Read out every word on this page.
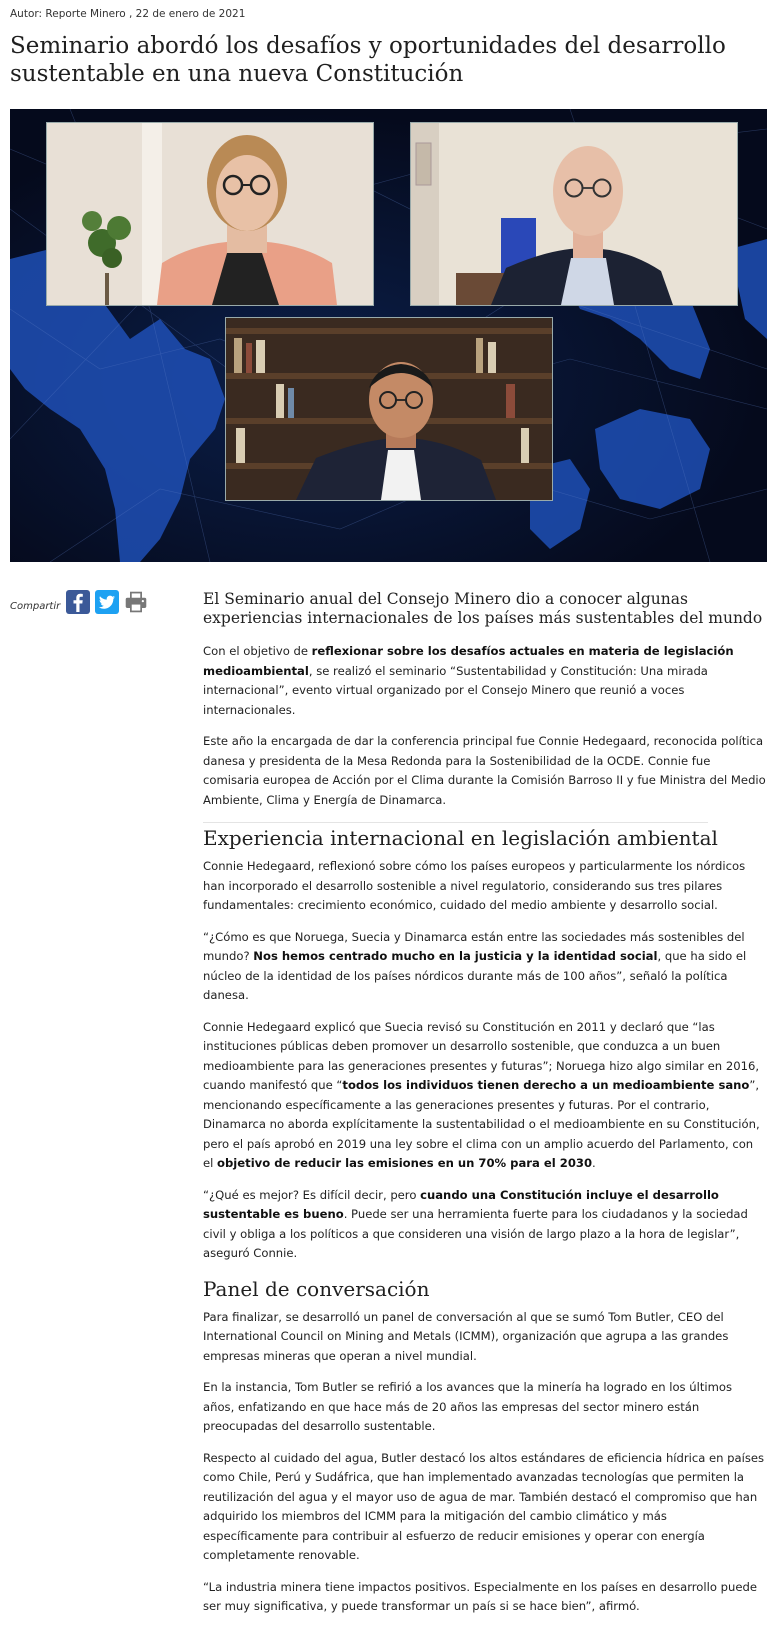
Autor: Reporte Minero , 22 de enero de 2021
Seminario abordó los desafíos y oportunidades del desarrollo sustentable en una nueva Constitución
Compartir	El Seminario anual del Consejo Minero dio a conocer algunas experiencias internacionales de los países más sustentables del mundo

Con el objetivo de reflexionar sobre los desafíos actuales en materia de legislación medioambiental, se realizó el seminario “Sustentabilidad y Constitución: Una mirada internacional”, evento virtual organizado por el Consejo Minero que reunió a voces internacionales.

Este año la encargada de dar la conferencia principal fue Connie Hedegaard, reconocida política danesa y presidenta de la Mesa Redonda para la Sostenibilidad de la OCDE. Connie fue comisaria europea de Acción por el Clima durante la Comisión Barroso II y fue Ministra del Medio Ambiente, Clima y Energía de Dinamarca.

Experiencia internacional en legislación ambiental

Connie Hedegaard, reflexionó sobre cómo los países europeos y particularmente los nórdicos han incorporado el desarrollo sostenible a nivel regulatorio, considerando sus tres pilares fundamentales: crecimiento económico, cuidado del medio ambiente y desarrollo social.

“¿Cómo es que Noruega, Suecia y Dinamarca están entre las sociedades más sostenibles del mundo? Nos hemos centrado mucho en la justicia y la identidad social, que ha sido el núcleo de la identidad de los países nórdicos durante más de 100 años”, señaló la política danesa.

Connie Hedegaard explicó que Suecia revisó su Constitución en 2011 y declaró que “las instituciones públicas deben promover un desarrollo sostenible, que conduzca a un buen medioambiente para las generaciones presentes y futuras”; Noruega hizo algo similar en 2016, cuando manifestó que “todos los individuos tienen derecho a un medioambiente sano”, mencionando específicamente a las generaciones presentes y futuras. Por el contrario, Dinamarca no aborda explícitamente la sustentabilidad o el medioambiente en su Constitución, pero el país aprobó en 2019 una ley sobre el clima con un amplio acuerdo del Parlamento, con el objetivo de reducir las emisiones en un 70% para el 2030.

“¿Qué es mejor? Es difícil decir, pero cuando una Constitución incluye el desarrollo sustentable es bueno. Puede ser una herramienta fuerte para los ciudadanos y la sociedad civil y obliga a los políticos a que consideren una visión de largo plazo a la hora de legislar”, aseguró Connie.

Panel de conversación

Para finalizar, se desarrolló un panel de conversación al que se sumó Tom Butler, CEO del International Council on Mining and Metals (ICMM), organización que agrupa a las grandes empresas mineras que operan a nivel mundial.

En la instancia, Tom Butler se refirió a los avances que la minería ha logrado en los últimos años, enfatizando en que hace más de 20 años las empresas del sector minero están preocupadas del desarrollo sustentable.

Respecto al cuidado del agua, Butler destacó los altos estándares de eficiencia hídrica en países como Chile, Perú y Sudáfrica, que han implementado avanzadas tecnologías que permiten la reutilización del agua y el mayor uso de agua de mar. También destacó el compromiso que han adquirido los miembros del ICMM para la mitigación del cambio climático y más específicamente para contribuir al esfuerzo de reducir emisiones y operar con energía completamente renovable.

“La industria minera tiene impactos positivos. Especialmente en los países en desarrollo puede ser muy significativa, y puede transformar un país si se hace bien”, afirmó.
